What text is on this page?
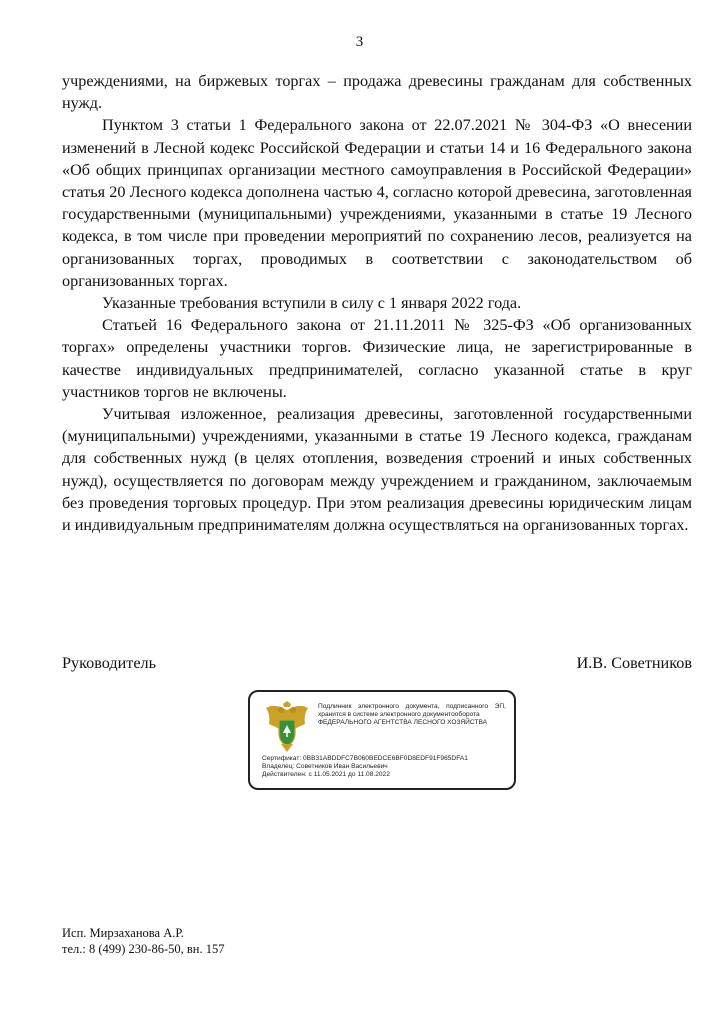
3

учреждениями, на биржевых торгах – продажа древесины гражданам для собственных нужд.

Пунктом 3 статьи 1 Федерального закона от 22.07.2021 № 304-ФЗ «О внесении изменений в Лесной кодекс Российской Федерации и статьи 14 и 16 Федерального закона «Об общих принципах организации местного самоуправления в Российской Федерации» статья 20 Лесного кодекса дополнена частью 4, согласно которой древесина, заготовленная государственными (муниципальными) учреждениями, указанными в статье 19 Лесного кодекса, в том числе при проведении мероприятий по сохранению лесов, реализуется на организованных торгах, проводимых в соответствии с законодательством об организованных торгах.

Указанные требования вступили в силу с 1 января 2022 года.

Статьей 16 Федерального закона от 21.11.2011 № 325-ФЗ «Об организованных торгах» определены участники торгов. Физические лица, не зарегистрированные в качестве индивидуальных предпринимателей, согласно указанной статье в круг участников торгов не включены.

Учитывая изложенное, реализация древесины, заготовленной государственными (муниципальными) учреждениями, указанными в статье 19 Лесного кодекса, гражданам для собственных нужд (в целях отопления, возведения строений и иных собственных нужд), осуществляется по договорам между учреждением и гражданином, заключаемым без проведения торговых процедур. При этом реализация древесины юридическим лицам и индивидуальным предпринимателям должна осуществляться на организованных торгах.

Руководитель	И.В. Советников
Подлинник электронного документа, подписанного ЭП, хранится в системе электронного документооборота
ФЕДЕРАЛЬНОГО АГЕНТСТВА ЛЕСНОГО ХОЗЯЙСТВА
Сертификат: 0BB31ABDDFC7B060BEDCE6BF0D8EDF91F965DFA1
Владелец: Советников Иван Васильевич
Действителен: с 11.05.2021 до 11.08.2022
Исп. Мирзаханова А.Р.
тел.: 8 (499) 230-86-50, вн. 157
